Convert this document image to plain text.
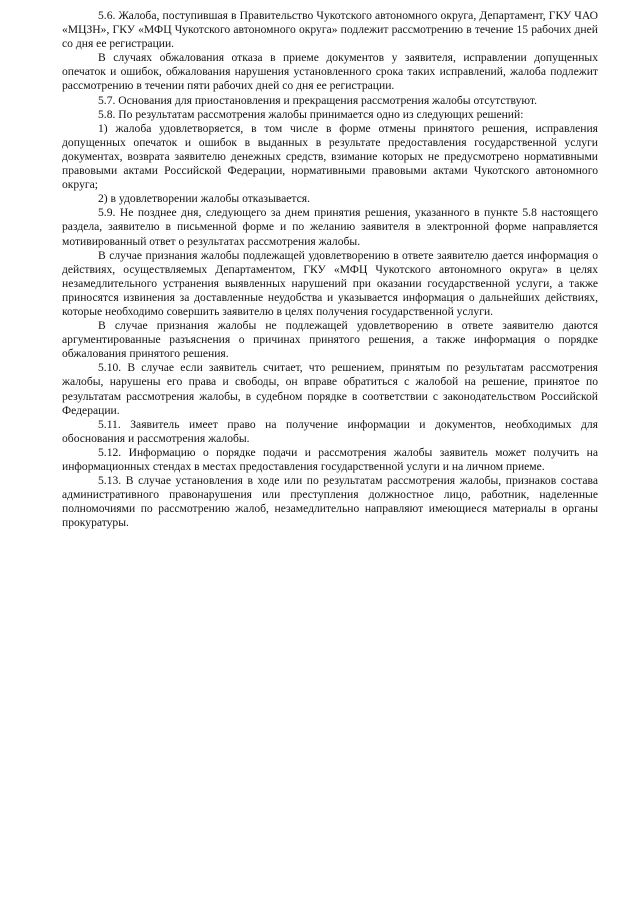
5.6. Жалоба, поступившая в Правительство Чукотского автономного округа, Департамент, ГКУ ЧАО «МЦЗН», ГКУ «МФЦ Чукотского автономного округа» подлежит рассмотрению в течение 15 рабочих дней со дня ее регистрации.

В случаях обжалования отказа в приеме документов у заявителя, исправлении допущенных опечаток и ошибок, обжалования нарушения установленного срока таких исправлений, жалоба подлежит рассмотрению в течении пяти рабочих дней со дня ее регистрации.

5.7. Основания для приостановления и прекращения рассмотрения жалобы отсутствуют.

5.8. По результатам рассмотрения жалобы принимается одно из следующих решений:

1) жалоба удовлетворяется, в том числе в форме отмены принятого решения, исправления допущенных опечаток и ошибок в выданных в результате предоставления государственной услуги документах, возврата заявителю денежных средств, взимание которых не предусмотрено нормативными правовыми актами Российской Федерации, нормативными правовыми актами Чукотского автономного округа;

2) в удовлетворении жалобы отказывается.

5.9. Не позднее дня, следующего за днем принятия решения, указанного в пункте 5.8 настоящего раздела, заявителю в письменной форме и по желанию заявителя в электронной форме направляется мотивированный ответ о результатах рассмотрения жалобы.

В случае признания жалобы подлежащей удовлетворению в ответе заявителю дается информация о действиях, осуществляемых Департаментом, ГКУ «МФЦ Чукотского автономного округа» в целях незамедлительного устранения выявленных нарушений при оказании государственной услуги, а также приносятся извинения за доставленные неудобства и указывается информация о дальнейших действиях, которые необходимо совершить заявителю в целях получения государственной услуги.

В случае признания жалобы не подлежащей удовлетворению в ответе заявителю даются аргументированные разъяснения о причинах принятого решения, а также информация о порядке обжалования принятого решения.

5.10. В случае если заявитель считает, что решением, принятым по результатам рассмотрения жалобы, нарушены его права и свободы, он вправе обратиться с жалобой на решение, принятое по результатам рассмотрения жалобы, в судебном порядке в соответствии с законодательством Российской Федерации.

5.11. Заявитель имеет право на получение информации и документов, необходимых для обоснования и рассмотрения жалобы.

5.12. Информацию о порядке подачи и рассмотрения жалобы заявитель может получить на информационных стендах в местах предоставления государственной услуги и на личном приеме.

5.13. В случае установления в ходе или по результатам рассмотрения жалобы, признаков состава административного правонарушения или преступления должностное лицо, работник, наделенные полномочиями по рассмотрению жалоб, незамедлительно направляют имеющиеся материалы в органы прокуратуры.
